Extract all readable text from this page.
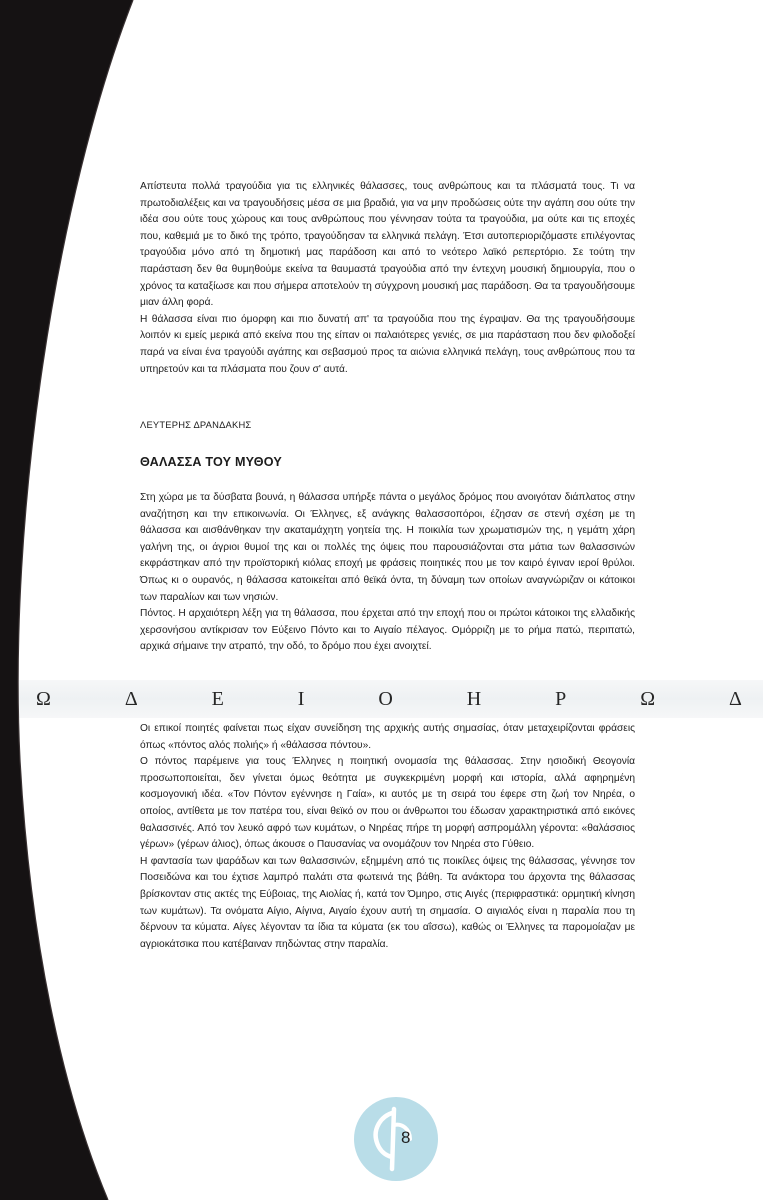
Απίστευτα πολλά τραγούδια για τις ελληνικές θάλασσες, τους ανθρώπους και τα πλάσματά τους. Τι να πρωτοδιαλέξεις και να τραγουδήσεις μέσα σε μια βραδιά, για να μην προδώσεις ούτε την αγάπη σου ούτε την ιδέα σου ούτε τους χώρους και τους ανθρώπους που γέννησαν τούτα τα τραγούδια, μα ούτε και τις εποχές που, καθεμιά με το δικό της τρόπο, τραγούδησαν τα ελληνικά πελάγη. Έτσι αυτοπεριοριζόμαστε επιλέγοντας τραγούδια μόνο από τη δημοτική μας παράδοση και από το νεότερο λαϊκό ρεπερτόριο. Σε τούτη την παράσταση δεν θα θυμηθούμε εκείνα τα θαυμαστά τραγούδια από την έντεχνη μουσική δημιουργία, που ο χρόνος τα καταξίωσε και που σήμερα αποτελούν τη σύγχρονη μουσική μας παράδοση. Θα τα τραγουδήσουμε μιαν άλλη φορά.

Η θάλασσα είναι πιο όμορφη και πιο δυνατή απ' τα τραγούδια που της έγραψαν. Θα της τραγουδήσουμε λοιπόν κι εμείς μερικά από εκείνα που της είπαν οι παλαιότερες γενιές, σε μια παράσταση που δεν φιλοδοξεί παρά να είναι ένα τραγούδι αγάπης και σεβασμού προς τα αιώνια ελληνικά πελάγη, τους ανθρώπους που τα υπηρετούν και τα πλάσματα που ζουν σ' αυτά.

ΛΕΥΤΕΡΗΣ ΔΡΑΝΔΑΚΗΣ
ΘΑΛΑΣΣΑ ΤΟΥ ΜΥΘΟΥ

Στη χώρα με τα δύσβατα βουνά, η θάλασσα υπήρξε πάντα ο μεγάλος δρόμος που ανοιγόταν διάπλατος στην αναζήτηση και την επικοινωνία. Οι Έλληνες, εξ ανάγκης θαλασσοπόροι, έζησαν σε στενή σχέση με τη θάλασσα και αισθάνθηκαν την ακαταμάχητη γοητεία της. Η ποικιλία των χρωματισμών της, η γεμάτη χάρη γαλήνη της, οι άγριοι θυμοί της και οι πολλές της όψεις που παρουσιάζονται στα μάτια των θαλασσινών εκφράστηκαν από την προϊστορική κιόλας εποχή με φράσεις ποιητικές που με τον καιρό έγιναν ιεροί θρύλοι. Όπως κι ο ουρανός, η θάλασσα κατοικείται από θεϊκά όντα, τη δύναμη των οποίων αναγνώριζαν οι κάτοικοι των παραλίων και των νησιών.

Πόντος. Η αρχαιότερη λέξη για τη θάλασσα, που έρχεται από την εποχή που οι πρώτοι κάτοικοι της ελλαδικής χερσονήσου αντίκρισαν τον Εύξεινο Πόντο και το Αιγαίο πέλαγος. Ομόρριζη με το ρήμα πατώ, περιπατώ, αρχικά σήμαινε την ατραπό, την οδό, το δρόμο που έχει ανοιχτεί.

Ω	Δ	Ε	Ι	Ο	Η	Ρ	Ω	Δ

Οι επικοί ποιητές φαίνεται πως είχαν συνείδηση της αρχικής αυτής σημασίας, όταν μεταχειρίζονται φράσεις όπως «πόντος αλός πολιής» ή «θάλασσα πόντου».

Ο πόντος παρέμεινε για τους Έλληνες η ποιητική ονομασία της θάλασσας. Στην ησιοδική Θεογονία προσωποποιείται, δεν γίνεται όμως θεότητα με συγκεκριμένη μορφή και ιστορία, αλλά αφηρημένη κοσμογονική ιδέα. «Τον Πόντον εγέννησε η Γαία», κι αυτός με τη σειρά του έφερε στη ζωή τον Νηρέα, ο οποίος, αντίθετα με τον πατέρα του, είναι θεϊκό ον που οι άνθρωποι του έδωσαν χαρακτηριστικά από εικόνες θαλασσινές. Από τον λευκό αφρό των κυμάτων, ο Νηρέας πήρε τη μορφή ασπρομάλλη γέροντα: «θαλάσσιος γέρων» (γέρων άλιος), όπως άκουσε ο Παυσανίας να ονομάζουν τον Νηρέα στο Γύθειο.

Η φαντασία των ψαράδων και των θαλασσινών, εξημμένη από τις ποικίλες όψεις της θάλασσας, γέννησε τον Ποσειδώνα και του έχτισε λαμπρό παλάτι στα φωτεινά της βάθη. Τα ανάκτορα του άρχοντα της θάλασσας βρίσκονταν στις ακτές της Εύβοιας, της Αιολίας ή, κατά τον Όμηρο, στις Αιγές (περιφραστικά: ορμητική κίνηση των κυμάτων). Τα ονόματα Αίγιο, Αίγινα, Αιγαίο έχουν αυτή τη σημασία. Ο αιγιαλός είναι η παραλία που τη δέρνουν τα κύματα. Αίγες λέγονταν τα ίδια τα κύματα (εκ του αΐσσω), καθώς οι Έλληνες τα παρομοίαζαν με αγριοκάτσικα που κατέβαιναν πηδώντας στην παραλία.

8
